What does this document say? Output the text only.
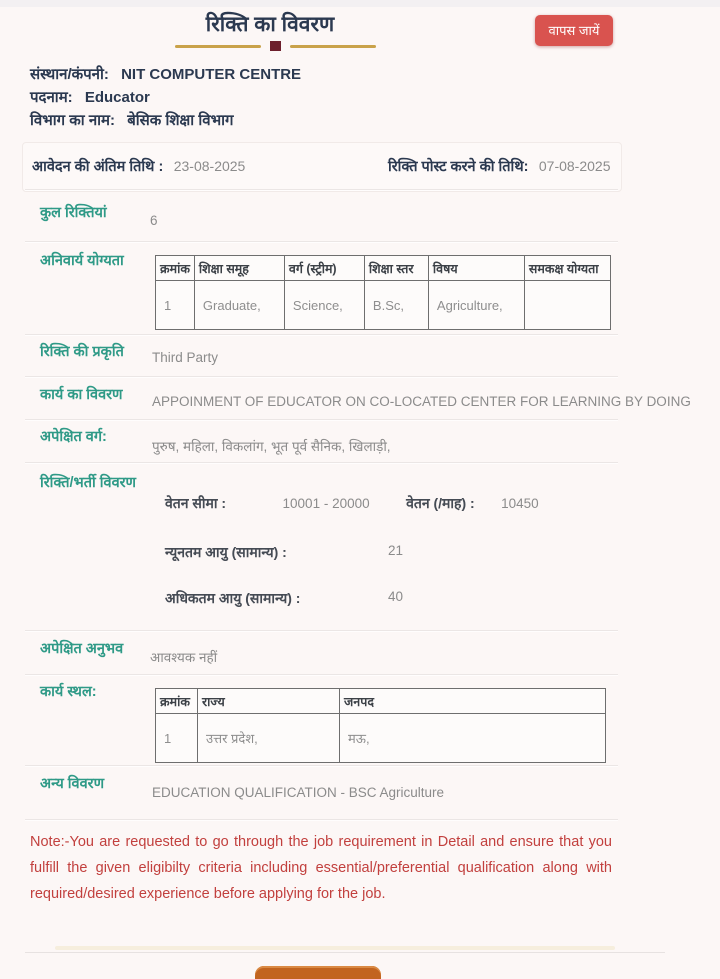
रिक्ति का विवरण	वापस जायें
संस्थान/कंपनी: NIT COMPUTER CENTRE
पदनाम: Educator
विभाग का नाम: बेसिक शिक्षा विभाग
आवेदन की अंतिम तिथि : 23-08-2025	रिक्ति पोस्ट करने की तिथि: 07-08-2025
कुल रिक्तियां	6
अनिवार्य योग्यता	क्रमांक	शिक्षा समूह	वर्ग (स्ट्रीम)	शिक्षा स्तर	विषय	समकक्ष योग्यता
1	Graduate,	Science,	B.Sc,	Agriculture,	
रिक्ति की प्रकृति Third Party
कार्य का विवरण APPOINMENT OF EDUCATOR ON CO-LOCATED CENTER FOR LEARNING BY DOING
अपेक्षित वर्ग:
पुरुष, महिला, विकलांग, भूत पूर्व सैनिक, खिलाड़ी,
रिक्ति/भर्ती विवरण
वेतन सीमा :	10001 - 20000	वेतन (/माह) : 10450
न्यूनतम आयु (सामान्य) :	21
अधिकतम आयु (सामान्य) :	40
अपेक्षित अनुभव
आवश्यक नहीं
कार्य स्थल:
क्रमांक	राज्य	जनपद
1	उत्तर प्रदेश,	मऊ,
अन्य विवरण
EDUCATION QUALIFICATION - BSC Agriculture
Note:-You are requested to go through the job requirement in Detail and ensure that you fulfill the given eligibilty criteria including essential/preferential qualification along with required/desired experience before applying for the job.
